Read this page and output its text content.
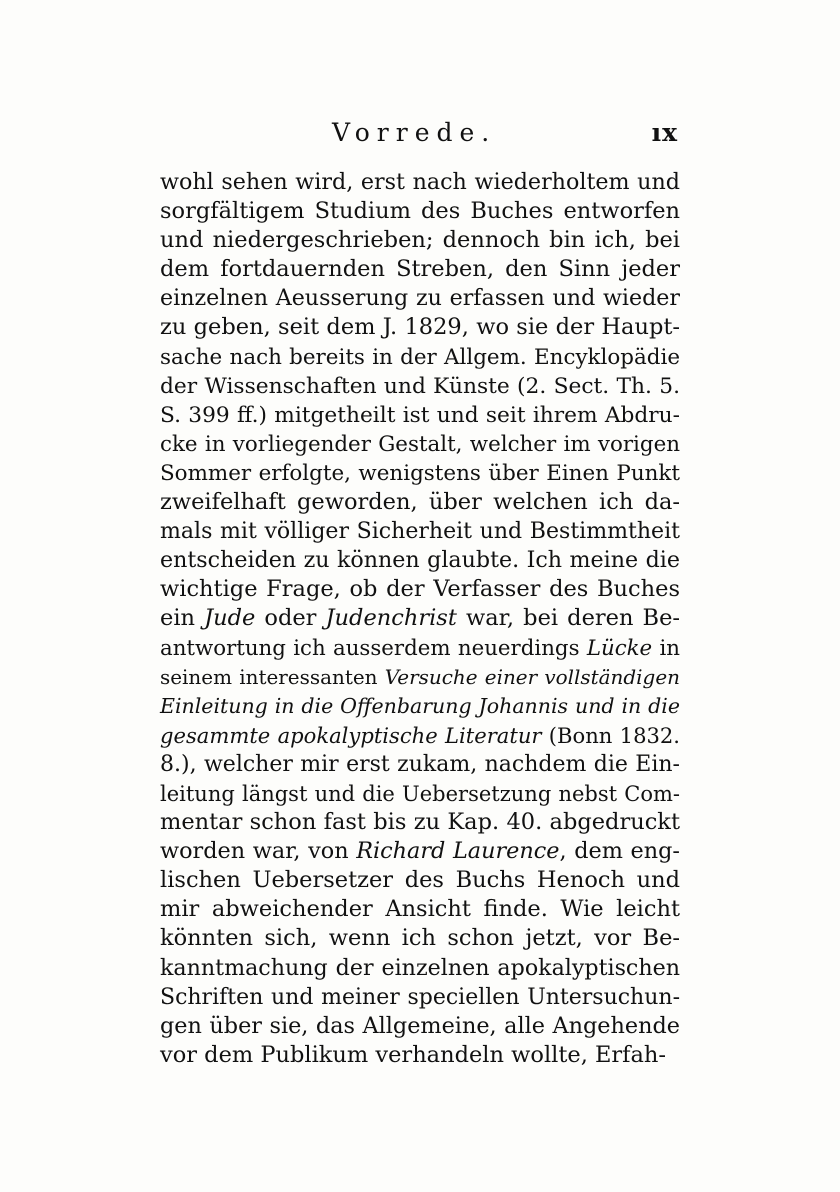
Vorrede.	ıx
wohl sehen wird, erst nach wiederholtem und
sorgfältigem Studium des Buches entworfen
und niedergeschrieben; dennoch bin ich, bei
dem fortdauernden Streben, den Sinn jeder
einzelnen Aeusserung zu erfassen und wieder
zu geben, seit dem J. 1829, wo sie der Haupt-
sache nach bereits in der Allgem. Encyklopädie
der Wissenschaften und Künste (2. Sect. Th. 5.
S. 399 ff.) mitgetheilt ist und seit ihrem Abdru-
cke in vorliegender Gestalt, welcher im vorigen
Sommer erfolgte, wenigstens über Einen Punkt
zweifelhaft geworden, über welchen ich da-
mals mit völliger Sicherheit und Bestimmtheit
entscheiden zu können glaubte. Ich meine die
wichtige Frage, ob der Verfasser des Buches
ein Jude oder Judenchrist war, bei deren Be-
antwortung ich ausserdem neuerdings Lücke in
seinem interessanten Versuche einer vollständigen
Einleitung in die Offenbarung Johannis und in die
gesammte apokalyptische Literatur (Bonn 1832.
8.), welcher mir erst zukam, nachdem die Ein-
leitung längst und die Uebersetzung nebst Com-
mentar schon fast bis zu Kap. 40. abgedruckt
worden war, von Richard Laurence, dem eng-
lischen Uebersetzer des Buchs Henoch und
mir abweichender Ansicht finde. Wie leicht
könnten sich, wenn ich schon jetzt, vor Be-
kanntmachung der einzelnen apokalyptischen
Schriften und meiner speciellen Untersuchun-
gen über sie, das Allgemeine, alle Angehende
vor dem Publikum verhandeln wollte, Erfah-
